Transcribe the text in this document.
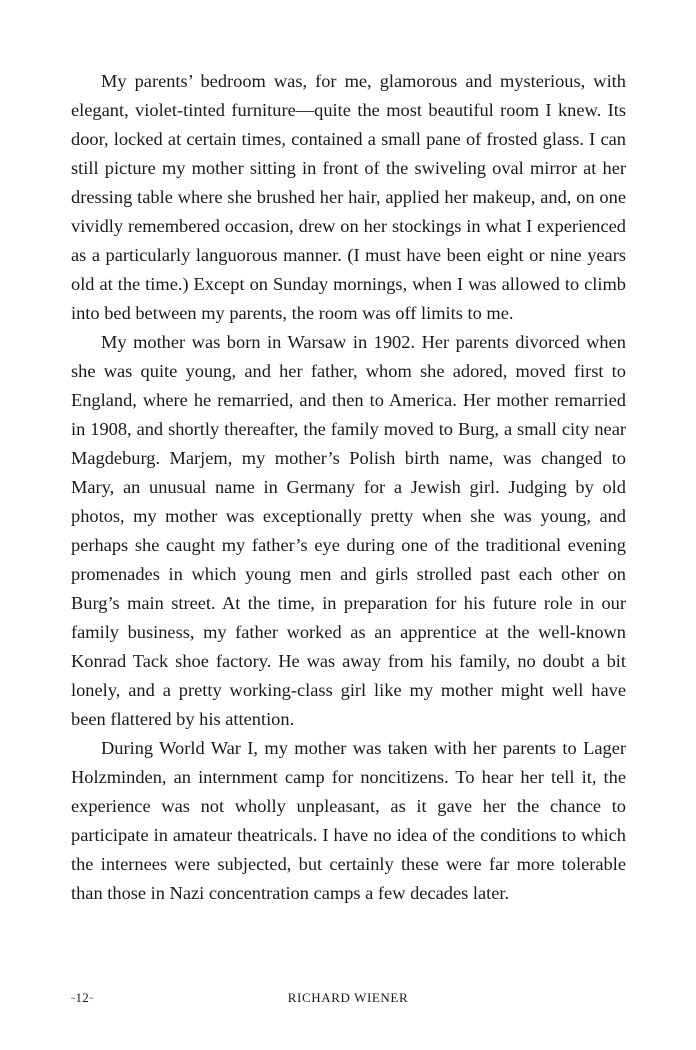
My parents’ bedroom was, for me, glamorous and mysterious, with elegant, violet-tinted furniture—quite the most beautiful room I knew. Its door, locked at certain times, contained a small pane of frosted glass. I can still picture my mother sitting in front of the swiveling oval mirror at her dressing table where she brushed her hair, applied her makeup, and, on one vividly remembered occasion, drew on her stockings in what I experienced as a particularly languorous manner. (I must have been eight or nine years old at the time.) Except on Sunday mornings, when I was allowed to climb into bed between my parents, the room was off limits to me.

My mother was born in Warsaw in 1902. Her parents divorced when she was quite young, and her father, whom she adored, moved first to England, where he remarried, and then to America. Her mother remarried in 1908, and shortly thereafter, the family moved to Burg, a small city near Magdeburg. Marjem, my mother’s Polish birth name, was changed to Mary, an unusual name in Germany for a Jewish girl. Judging by old photos, my mother was exceptionally pretty when she was young, and perhaps she caught my father’s eye during one of the traditional evening promenades in which young men and girls strolled past each other on Burg’s main street. At the time, in preparation for his future role in our family business, my father worked as an apprentice at the well-known Konrad Tack shoe factory. He was away from his family, no doubt a bit lonely, and a pretty working-class girl like my mother might well have been flattered by his attention.

During World War I, my mother was taken with her parents to Lager Holzminden, an internment camp for noncitizens. To hear her tell it, the experience was not wholly unpleasant, as it gave her the chance to participate in amateur theatricals. I have no idea of the conditions to which the internees were subjected, but certainly these were far more tolerable than those in Nazi concentration camps a few decades later.

~12~	RICHARD WIENER
